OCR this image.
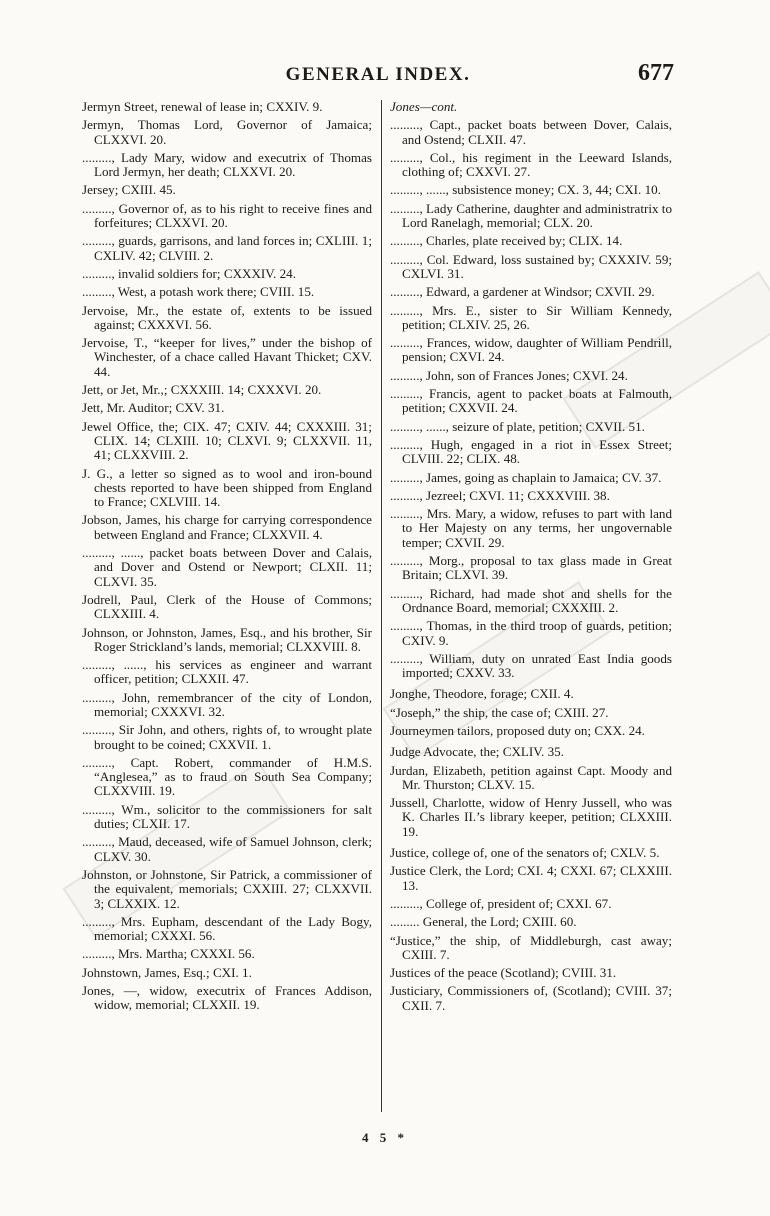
GENERAL INDEX.	677
Jermyn Street, renewal of lease in; CXXIV. 9.
Jermyn, Thomas Lord, Governor of Jamaica; CLXXVI. 20.
........., Lady Mary, widow and executrix of Thomas Lord Jermyn, her death; CLXXVI. 20.
Jersey; CXIII. 45.
........., Governor of, as to his right to receive fines and forfeitures; CLXXVI. 20.
........., guards, garrisons, and land forces in; CXLIII. 1; CXLIV. 42; CLVIII. 2.
........., invalid soldiers for; CXXXIV. 24.
........., West, a potash work there; CVIII. 15.
Jervoise, Mr., the estate of, extents to be issued against; CXXXVI. 56.
Jervoise, T., “keeper for lives,” under the bishop of Winchester, of a chace called Havant Thicket; CXV. 44.
Jett, or Jet, Mr.,; CXXXIII. 14; CXXXVI. 20.
Jett, Mr. Auditor; CXV. 31.
Jewel Office, the; CIX. 47; CXIV. 44; CXXXIII. 31; CLIX. 14; CLXIII. 10; CLXVI. 9; CLXXVII. 11, 41; CLXXVIII. 2.
J. G., a letter so signed as to wool and iron-bound chests reported to have been shipped from England to France; CXLVIII. 14.
Jobson, James, his charge for carrying correspondence between England and France; CLXXVII. 4.
........., ......, packet boats between Dover and Calais, and Dover and Ostend or Newport; CLXII. 11; CLXVI. 35.
Jodrell, Paul, Clerk of the House of Commons; CLXXIII. 4.
Johnson, or Johnston, James, Esq., and his brother, Sir Roger Strickland’s lands, memorial; CLXXVIII. 8.
........., ......, his services as engineer and warrant officer, petition; CLXXII. 47.
........., John, remembrancer of the city of London, memorial; CXXXVI. 32.
........., Sir John, and others, rights of, to wrought plate brought to be coined; CXXVII. 1.
........., Capt. Robert, commander of H.M.S. “Anglesea,” as to fraud on South Sea Company; CLXXVIII. 19.
........., Wm., solicitor to the commissioners for salt duties; CLXII. 17.
........., Maud, deceased, wife of Samuel Johnson, clerk; CLXV. 30.
Johnston, or Johnstone, Sir Patrick, a commissioner of the equivalent, memorials; CXXIII. 27; CLXXVII. 3; CLXXIX. 12.
........., Mrs. Eupham, descendant of the Lady Bogy, memorial; CXXXI. 56.
........., Mrs. Martha; CXXXI. 56.
Johnstown, James, Esq.; CXI. 1.
Jones, —, widow, executrix of Frances Addison, widow, memorial; CLXXII. 19.
Jones—cont.
........., Capt., packet boats between Dover, Calais, and Ostend; CLXII. 47.
........., Col., his regiment in the Leeward Islands, clothing of; CXXVI. 27.
........., ......, subsistence money; CX. 3, 44; CXI. 10.
........., Lady Catherine, daughter and administratrix to Lord Ranelagh, memorial; CLX. 20.
........., Charles, plate received by; CLIX. 14.
........., Col. Edward, loss sustained by; CXXXIV. 59; CXLVI. 31.
........., Edward, a gardener at Windsor; CXVII. 29.
........., Mrs. E., sister to Sir William Kennedy, petition; CLXIV. 25, 26.
........., Frances, widow, daughter of William Pendrill, pension; CXVI. 24.
........., John, son of Frances Jones; CXVI. 24.
........., Francis, agent to packet boats at Falmouth, petition; CXXVII. 24.
........., ......, seizure of plate, petition; CXVII. 51.
........., Hugh, engaged in a riot in Essex Street; CLVIII. 22; CLIX. 48.
........., James, going as chaplain to Jamaica; CV. 37.
........., Jezreel; CXVI. 11; CXXXVIII. 38.
........., Mrs. Mary, a widow, refuses to part with land to Her Majesty on any terms, her ungovernable temper; CXVII. 29.
........., Morg., proposal to tax glass made in Great Britain; CLXVI. 39.
........., Richard, had made shot and shells for the Ordnance Board, memorial; CXXXIII. 2.
........., Thomas, in the third troop of guards, petition; CXIV. 9.
........., William, duty on unrated East India goods imported; CXXV. 33.
Jonghe, Theodore, forage; CXII. 4.
“Joseph,” the ship, the case of; CXIII. 27.
Journeymen tailors, proposed duty on; CXX. 24.
Judge Advocate, the; CXLIV. 35.
Jurdan, Elizabeth, petition against Capt. Moody and Mr. Thurston; CLXV. 15.
Jussell, Charlotte, widow of Henry Jussell, who was K. Charles II.’s library keeper, petition; CLXXIII. 19.
Justice, college of, one of the senators of; CXLV. 5.
Justice Clerk, the Lord; CXI. 4; CXXI. 67; CLXXIII. 13.
........., College of, president of; CXXI. 67.
......... General, the Lord; CXIII. 60.
“Justice,” the ship, of Middleburgh, cast away; CXIII. 7.
Justices of the peace (Scotland); CVIII. 31.
Justiciary, Commissioners of, (Scotland); CVIII. 37; CXII. 7.
4 5 *
